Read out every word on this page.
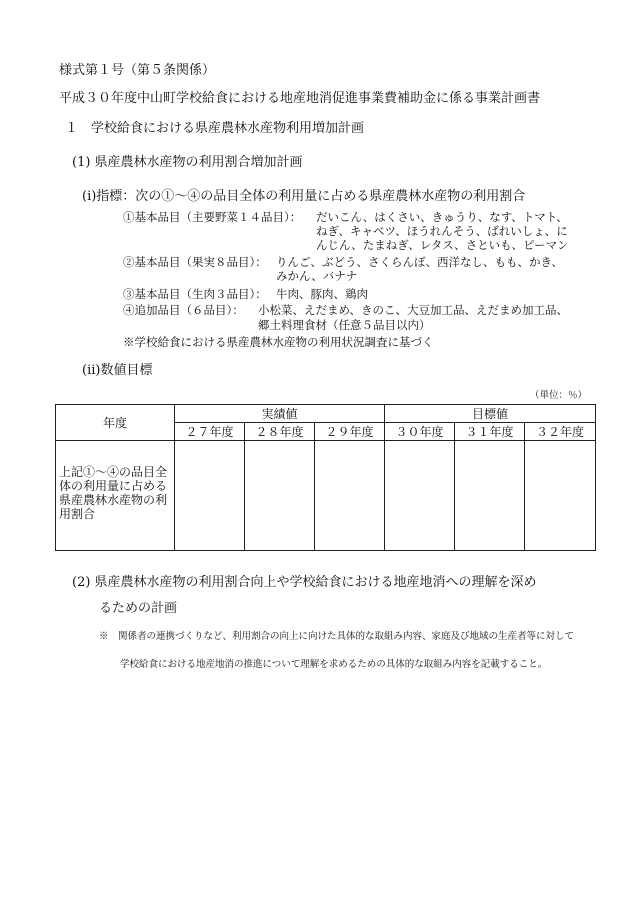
様式第１号（第５条関係）
平成３０年度中山町学校給食における地産地消促進事業費補助金に係る事業計画書
１　学校給食における県産農林水産物利用増加計画
(1) 県産農林水産物の利用割合増加計画
(ⅰ)指標：次の①〜④の品目全体の利用量に占める県産農林水産物の利用割合
①基本品目（主要野菜１４品目）： だいこん、はくさい、きゅうり、なす、トマト、
ねぎ、キャベツ、ほうれんそう、ばれいしょ、に
んじん、たまねぎ、レタス、さといも、ピーマン
②基本品目（果実８品目）： りんご、ぶどう、さくらんぼ、西洋なし、もも、かき、
みかん、バナナ
③基本品目（生肉３品目）： 牛肉、豚肉、鶏肉
④追加品目（６品目）： 小松菜、えだまめ、きのこ、大豆加工品、えだまめ加工品、
郷土料理食材（任意５品目以内）
※学校給食における県産農林水産物の利用状況調査に基づく
(ⅱ)数値目標
（単位：％）
年度	実績値			目標値		
	２７年度	２８年度	２９年度	３０年度	３１年度	３２年度
上記①〜④の品目全体の利用量に占める県産農林水産物の利用割合						
(2) 県産農林水産物の利用割合向上や学校給食における地産地消への理解を深め
るための計画
※　関係者の連携づくりなど、利用割合の向上に向けた具体的な取組み内容、家庭及び地域の生産者等に対して
学校給食における地産地消の推進について理解を求めるための具体的な取組み内容を記載すること。
